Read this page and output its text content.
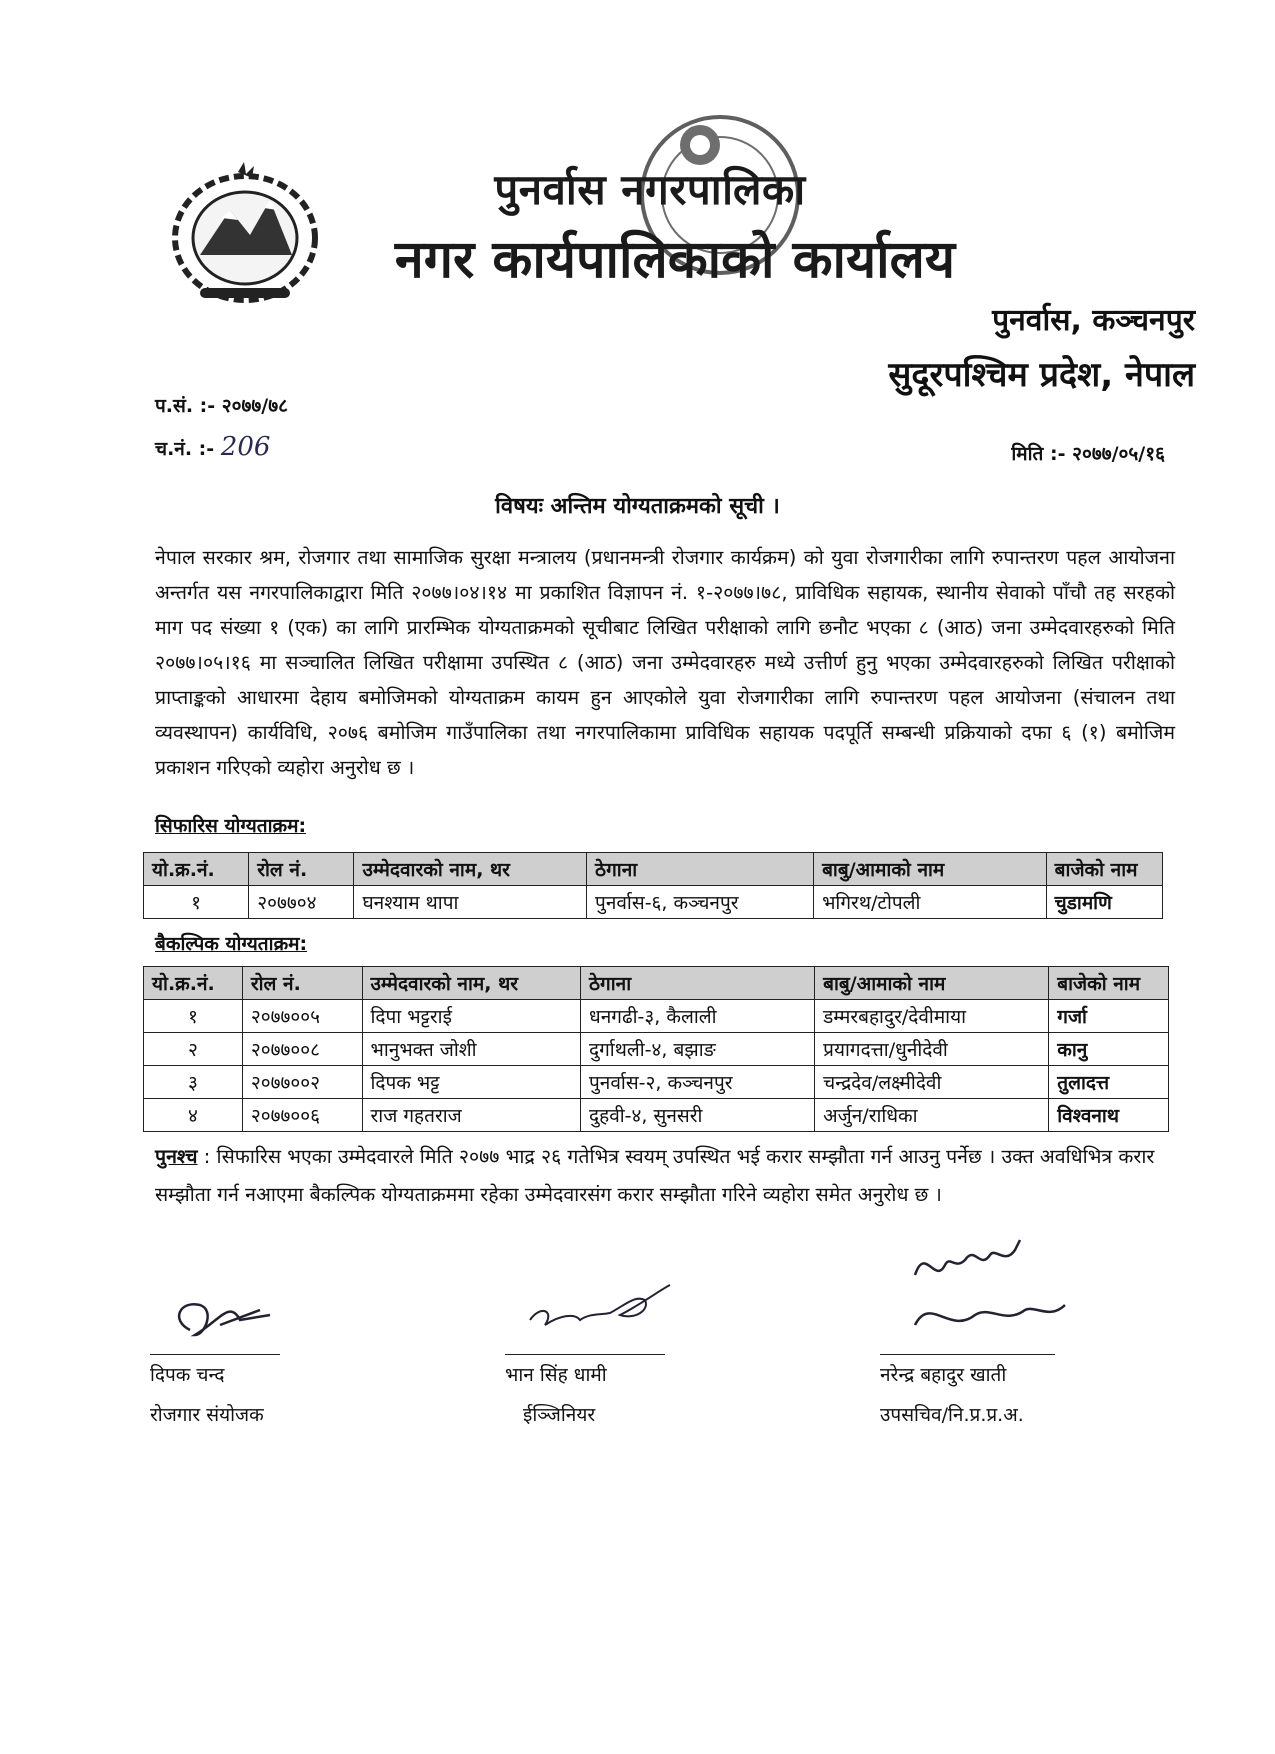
पुनर्वास नगरपालिका
नगर कार्यपालिकाको कार्यालय
पुनर्वास, कञ्चनपुर
सुदूरपश्चिम प्रदेश, नेपाल
प.सं. :- २०७७/७८
च.नं. :- 206	मिति :- २०७७/०५/१६
विषयः अन्तिम योग्यताक्रमको सूची ।
नेपाल सरकार श्रम, रोजगार तथा सामाजिक सुरक्षा मन्त्रालय (प्रधानमन्त्री रोजगार कार्यक्रम) को युवा रोजगारीका लागि रुपान्तरण पहल आयोजना अन्तर्गत यस नगरपालिकाद्वारा मिति २०७७।०४।१४ मा प्रकाशित विज्ञापन नं. १-२०७७।७८, प्राविधिक सहायक, स्थानीय सेवाको पाँचौ तह सरहको माग पद संख्या १ (एक) का लागि प्रारम्भिक योग्यताक्रमको सूचीबाट लिखित परीक्षाको लागि छनौट भएका ८ (आठ) जना उम्मेदवारहरुको मिति २०७७।०५।१६ मा सञ्चालित लिखित परीक्षामा उपस्थित ८ (आठ) जना उम्मेदवारहरु मध्ये उत्तीर्ण हुनु भएका उम्मेदवारहरुको लिखित परीक्षाको प्राप्ताङ्कको आधारमा देहाय बमोजिमको योग्यताक्रम कायम हुन आएकोले युवा रोजगारीका लागि रुपान्तरण पहल आयोजना (संचालन तथा व्यवस्थापन) कार्यविधि, २०७६ बमोजिम गाउँपालिका तथा नगरपालिकामा प्राविधिक सहायक पदपूर्ति सम्बन्धी प्रक्रियाको दफा ६ (१) बमोजिम प्रकाशन गरिएको व्यहोरा अनुरोध छ ।
सिफारिस योग्यताक्रम:
यो.क्र.नं.	रोल नं.	उम्मेदवारको नाम, थर	ठेगाना	बाबु/आमाको नाम	बाजेको नाम
१	२०७७०४	घनश्याम थापा	पुनर्वास-६, कञ्चनपुर	भगिरथ/टोपली	चुडामणि
बैकल्पिक योग्यताक्रम:
यो.क्र.नं.	रोल नं.	उम्मेदवारको नाम, थर	ठेगाना	बाबु/आमाको नाम	बाजेको नाम
१	२०७७००५	दिपा भट्टराई	धनगढी-३, कैलाली	डम्मरबहादुर/देवीमाया	गर्जा
२	२०७७००८	भानुभक्त जोशी	दुर्गाथली-४, बझाङ	प्रयागदत्ता/धुनीदेवी	कानु
३	२०७७००२	दिपक भट्ट	पुनर्वास-२, कञ्चनपुर	चन्द्रदेव/लक्ष्मीदेवी	तुलादत्त
४	२०७७००६	राज गहतराज	दुहवी-४, सुनसरी	अर्जुन/राधिका	विश्वनाथ
पुनश्च : सिफारिस भएका उम्मेदवारले मिति २०७७ भाद्र २६ गतेभित्र स्वयम् उपस्थित भई करार सम्झौता गर्न आउनु पर्नेछ । उक्त अवधिभित्र करार सम्झौता गर्न नआएमा बैकल्पिक योग्यताक्रममा रहेका उम्मेदवारसंग करार सम्झौता गरिने व्यहोरा समेत अनुरोध छ ।
दिपक चन्द
रोजगार संयोजक
भान सिंह धामी
ईञ्जिनियर
नरेन्द्र बहादुर खाती
उपसचिव/नि.प्र.प्र.अ.
